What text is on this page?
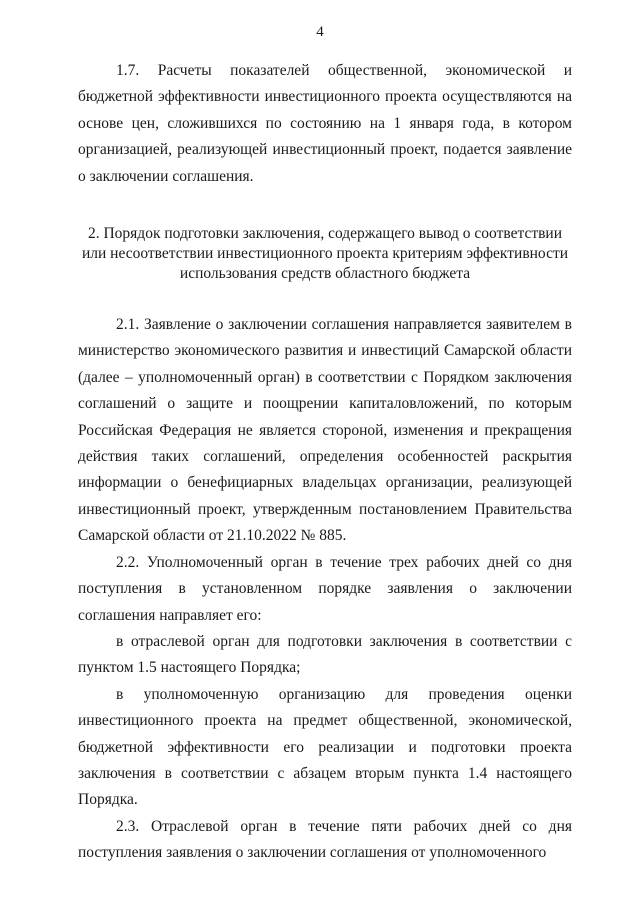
4

1.7. Расчеты показателей общественной, экономической и бюджетной эффективности инвестиционного проекта осуществляются на основе цен, сложившихся по состоянию на 1 января года, в котором организацией, реализующей инвестиционный проект, подается заявление о заключении соглашения.

2. Порядок подготовки заключения, содержащего вывод о соответствии

или несоответствии инвестиционного проекта критериям эффективности

использования средств областного бюджета

2.1. Заявление о заключении соглашения направляется заявителем в министерство экономического развития и инвестиций Самарской области (далее – уполномоченный орган) в соответствии с Порядком заключения соглашений о защите и поощрении капиталовложений, по которым Российская Федерация не является стороной, изменения и прекращения действия таких соглашений, определения особенностей раскрытия информации о бенефициарных владельцах организации, реализующей инвестиционный проект, утвержденным постановлением Правительства Самарской области от 21.10.2022 № 885.

2.2. Уполномоченный орган в течение трех рабочих дней со дня поступления в установленном порядке заявления о заключении соглашения направляет его:

в отраслевой орган для подготовки заключения в соответствии с пунктом 1.5 настоящего Порядка;

в уполномоченную организацию для проведения оценки инвестиционного проекта на предмет общественной, экономической, бюджетной эффективности его реализации и подготовки проекта заключения в соответствии с абзацем вторым пункта 1.4 настоящего Порядка.

2.3. Отраслевой орган в течение пяти рабочих дней со дня поступления заявления о заключении соглашения от уполномоченного
